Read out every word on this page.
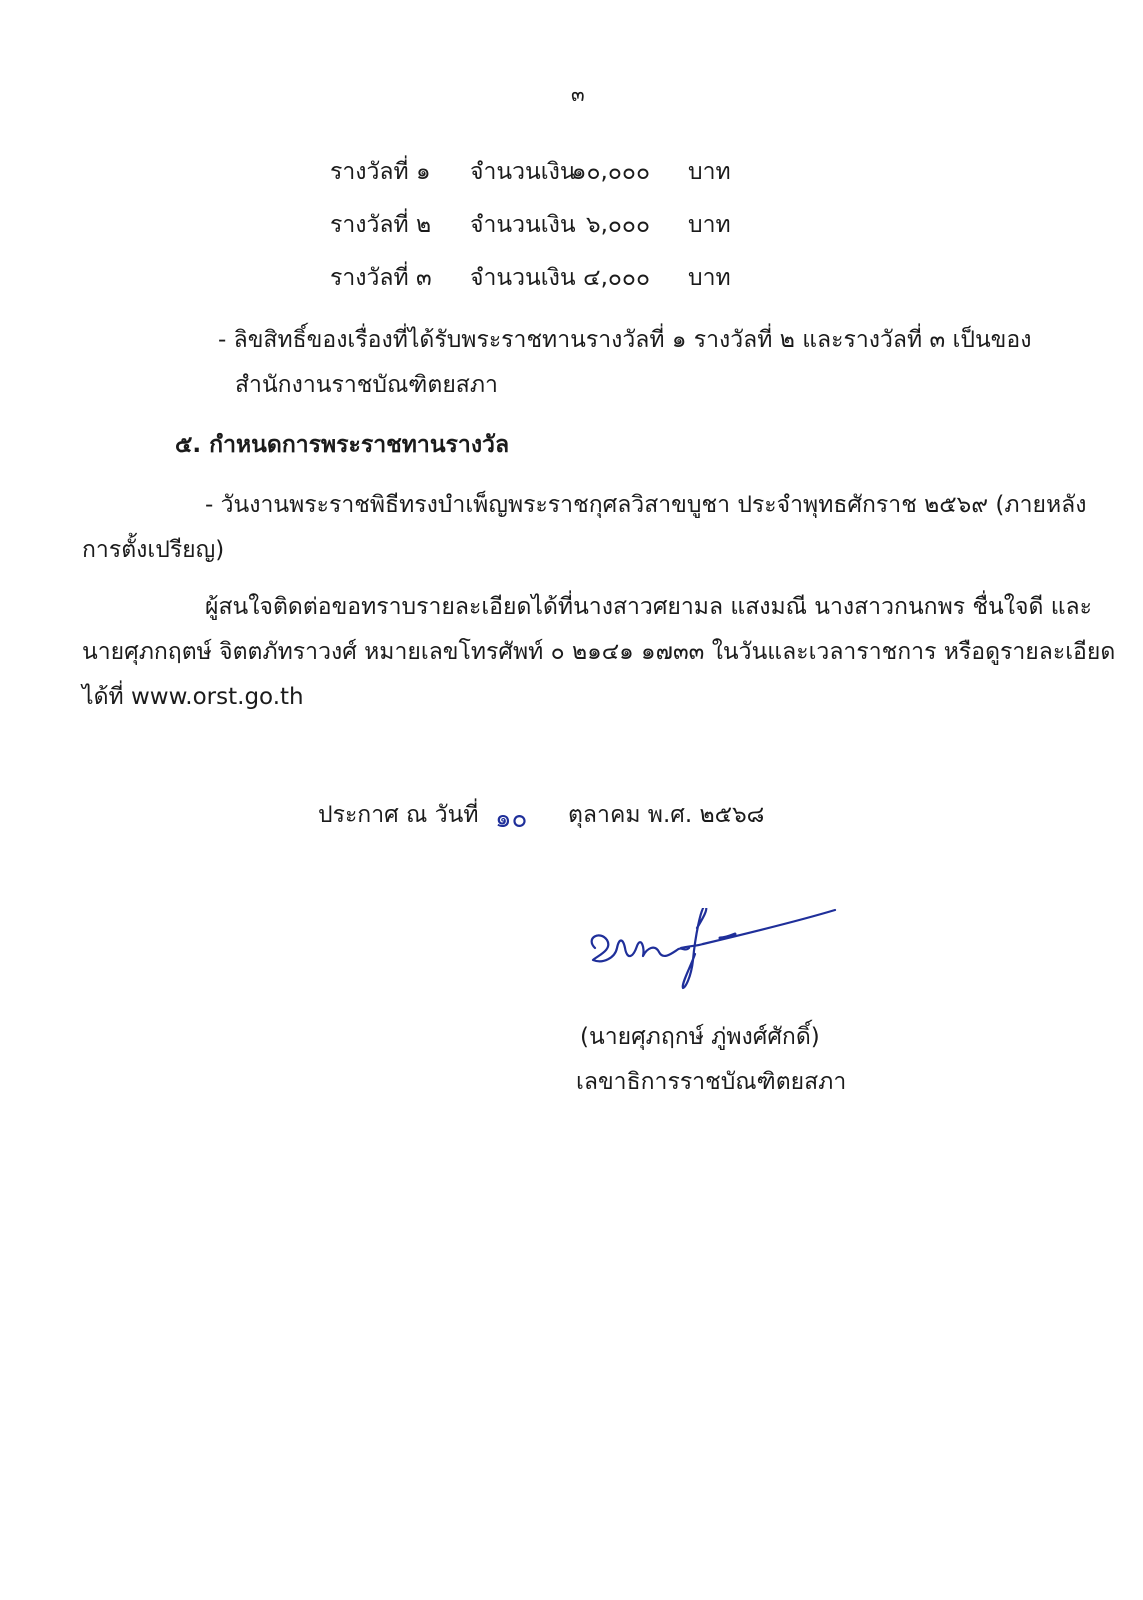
๓
รางวัลที่ ๑ จำนวนเงิน
๑๐,๐๐๐ บาท
รางวัลที่ ๒ จำนวนเงิน ๖,๐๐๐ บาท
รางวัลที่ ๓ จำนวนเงิน ๔,๐๐๐ บาท
- ลิขสิทธิ์ของเรื่องที่ได้รับพระราชทานรางวัลที่ ๑ รางวัลที่ ๒ และรางวัลที่ ๓ เป็นของ
สำนักงานราชบัณฑิตยสภา
๕. กำหนดการพระราชทานรางวัล
- วันงานพระราชพิธีทรงบำเพ็ญพระราชกุศลวิสาขบูชา ประจำพุทธศักราช ๒๕๖๙ (ภายหลัง
การตั้งเปรียญ)
ผู้สนใจติดต่อขอทราบรายละเอียดได้ที่นางสาวศยามล แสงมณี นางสาวกนกพร ชื่นใจดี และ
นายศุภกฤตษ์ จิตตภัทราวงศ์ หมายเลขโทรศัพท์ ๐ ๒๑๔๑ ๑๗๓๓ ในวันและเวลาราชการ หรือดูรายละเอียด
ได้ที่ www.orst.go.th
ประกาศ ณ วันที่ ๑๐ ตุลาคม พ.ศ. ๒๕๖๘
(นายศุภฤกษ์ ภู่พงศ์ศักดิ์)
เลขาธิการราชบัณฑิตยสภา
